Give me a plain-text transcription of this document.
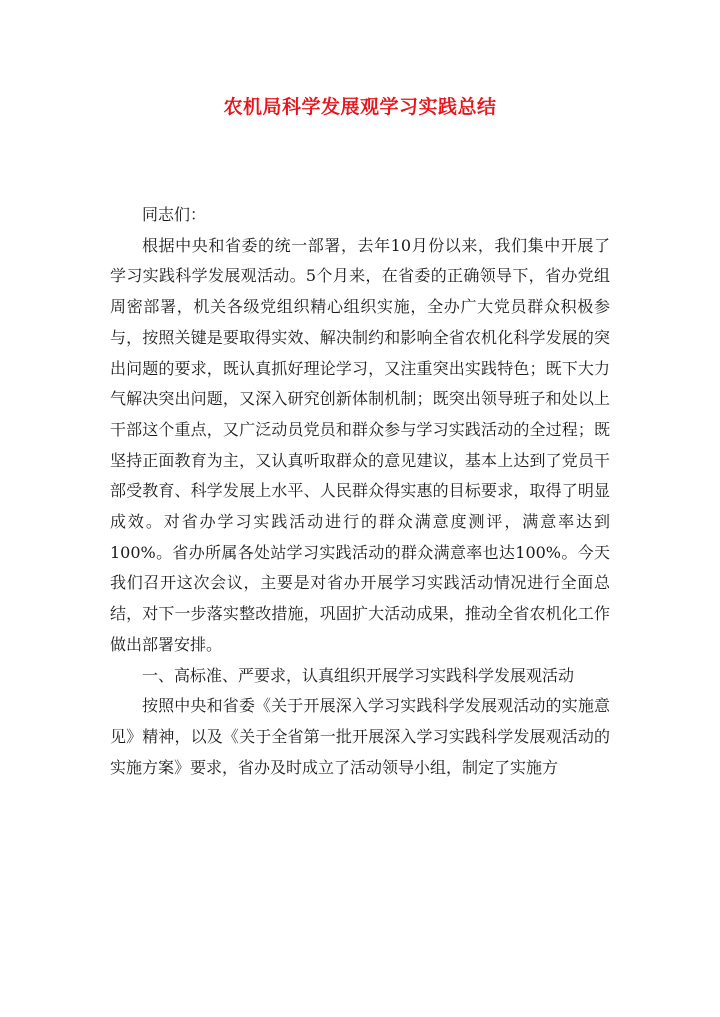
农机局科学发展观学习实践总结

同志们：

根据中央和省委的统一部署，去年10月份以来，我们集中开展了学习实践科学发展观活动。5个月来，在省委的正确领导下，省办党组周密部署，机关各级党组织精心组织实施，全办广大党员群众积极参与，按照关键是要取得实效、解决制约和影响全省农机化科学发展的突出问题的要求，既认真抓好理论学习，又注重突出实践特色；既下大力气解决突出问题，又深入研究创新体制机制；既突出领导班子和处以上干部这个重点，又广泛动员党员和群众参与学习实践活动的全过程；既坚持正面教育为主，又认真听取群众的意见建议，基本上达到了党员干部受教育、科学发展上水平、人民群众得实惠的目标要求，取得了明显成效。对省办学习实践活动进行的群众满意度测评，满意率达到100%。省办所属各处站学习实践活动的群众满意率也达100%。今天我们召开这次会议，主要是对省办开展学习实践活动情况进行全面总结，对下一步落实整改措施，巩固扩大活动成果，推动全省农机化工作做出部署安排。

一、高标准、严要求，认真组织开展学习实践科学发展观活动

按照中央和省委《关于开展深入学习实践科学发展观活动的实施意见》精神，以及《关于全省第一批开展深入学习实践科学发展观活动的实施方案》要求，省办及时成立了活动领导小组，制定了实施方
